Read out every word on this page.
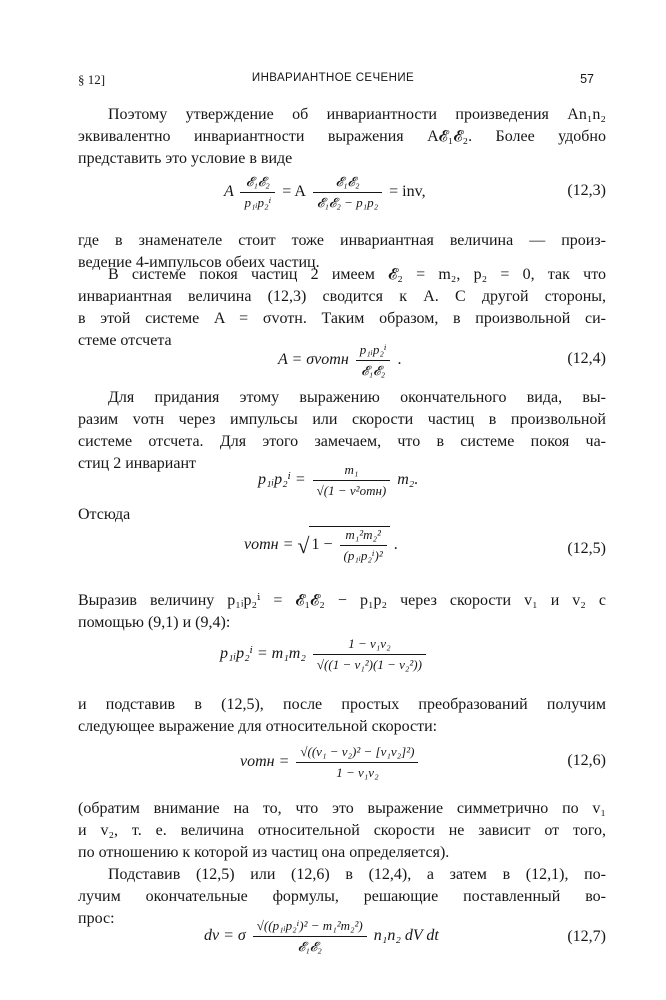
§ 12]	ИНВАРИАНТНОЕ СЕЧЕНИЕ	57
Поэтому утверждение об инвариантности произведения An₁n₂
эквивалентно инвариантности выражения A𝓔₁𝓔₂. Более удобно
представить это условие в виде
A $\frac{\text{𝓔₁𝓔₂}}{\text{p₁ᵢp₂ⁱ}} = A \frac{\text{𝓔₁𝓔₂}}{\text{𝓔₁𝓔₂ − p₁p₂}}$ = inv,	(12,3)
где в знаменателе стоит тоже инвариантная величина — произ-
ведение 4-импульсов обеих частиц.
В системе покоя частиц 2 имеем 𝓔₂ = m₂, p₂ = 0, так что
инвариантная величина (12,3) сводится к A. С другой стороны,
в этой системе A = σvотн. Таким образом, в произвольной си-
стеме отсчета
A = σvотн $\frac{\text{p₁ᵢp₂ⁱ}}{\text{𝓔₁𝓔₂}}$ .	(12,4)
Для придания этому выражению окончательного вида, вы-
разим vотн через импульсы или скорости частиц в произвольной
системе отсчета. Для этого замечаем, что в системе покоя ча-
стиц 2 инвариант
p₁ᵢp₂ⁱ = $\frac{\text{m₁}}{\text{√(1 − v²отн)}} m_2$.
Отсюда
vотн = √ $1 - \frac{\text{m₁²m₂²}}{\text{(p₁ᵢp₂ⁱ)²}}$ .	(12,5)
Выразив величину p₁ᵢp₂ⁱ = 𝓔₁𝓔₂ − p₁p₂ через скорости v₁ и v₂ с
помощью (9,1) и (9,4):
p₁ᵢp₂ⁱ = $m_1m_2 \frac{\text{1 − v₁v₂}}{\text{√((1 − v₁²)(1 − v₂²))}}$
и подставив в (12,5), после простых преобразований получим
следующее выражение для относительной скорости:
vотн = $\frac{\text{√((v₁ − v₂)² − [v₁v₂]²)}}{\text{1 − v₁v₂}}$	(12,6)
(обратим внимание на то, что это выражение симметрично по v₁
и v₂, т. е. величина относительной скорости не зависит от того,
по отношению к которой из частиц она определяется).
Подставив (12,5) или (12,6) в (12,4), а затем в (12,1), по-
лучим окончательные формулы, решающие поставленный во-
прос:
dν = σ $\frac{\text{√((p₁ᵢp₂ⁱ)² − m₁²m₂²)}}{\text{𝓔₁𝓔₂}} n_1n_2$ dV dt	(12,7)
